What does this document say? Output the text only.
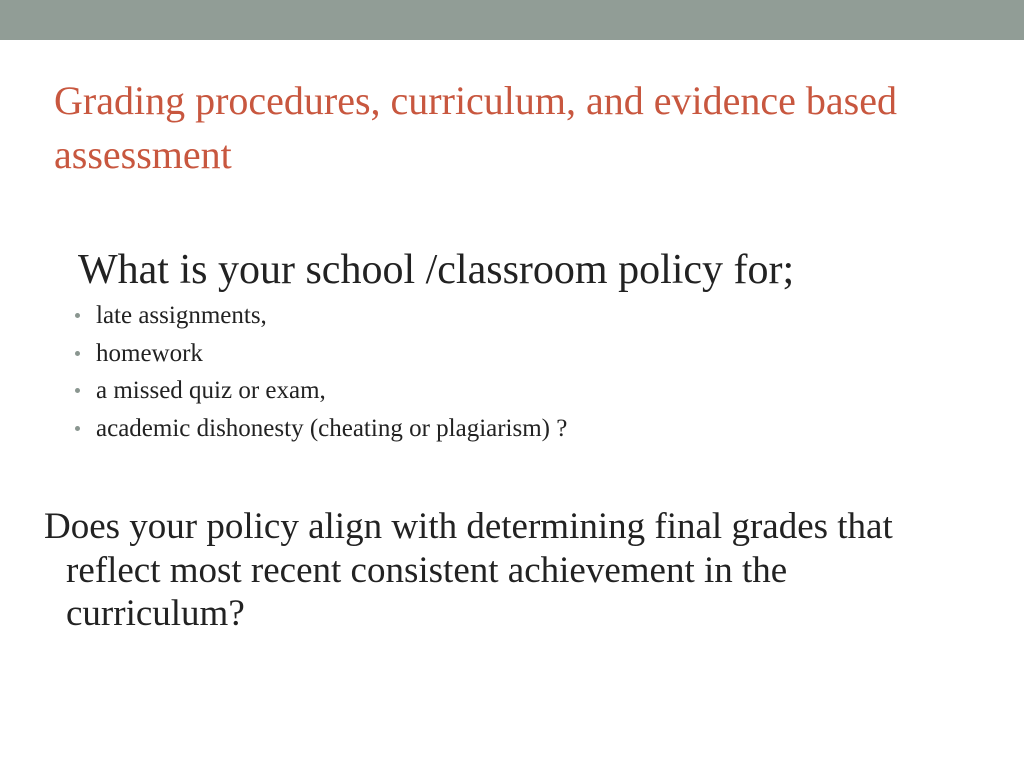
Grading procedures, curriculum, and evidence based assessment

What is your school /classroom policy for;

late assignments,
homework
a missed quiz or exam,
academic dishonesty (cheating or plagiarism) ?

Does your policy align with determining final grades that reflect most recent consistent achievement in the curriculum?
